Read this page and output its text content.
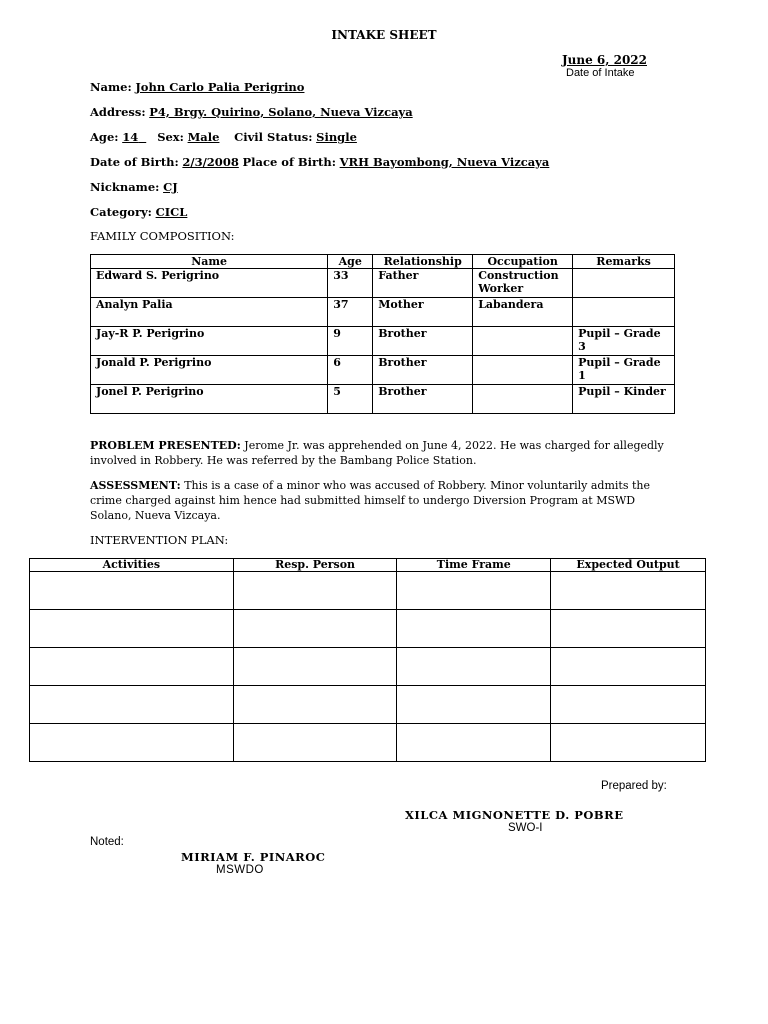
INTAKE SHEET
June 6, 2022
Date of Intake
Name: John Carlo Palia Perigrino
Address: P4, Brgy. Quirino, Solano, Nueva Vizcaya
Age: 14 Sex: Male Civil Status: Single
Date of Birth: 2/3/2008 Place of Birth: VRH Bayombong, Nueva Vizcaya
Nickname: CJ
Category: CICL
FAMILY COMPOSITION:
Name	Age	Relationship	Occupation	Remarks
Edward S. Perigrino	33	Father	Construction Worker	
Analyn Palia	37	Mother	Labandera	
Jay-R P. Perigrino	9	Brother		Pupil – Grade 3
Jonald P. Perigrino	6	Brother		Pupil – Grade 1
Jonel P. Perigrino	5	Brother		Pupil – Kinder
PROBLEM PRESENTED: Jerome Jr. was apprehended on June 4, 2022. He was charged for allegedly involved in Robbery. He was referred by the Bambang Police Station.
ASSESSMENT: This is a case of a minor who was accused of Robbery. Minor voluntarily admits the crime charged against him hence had submitted himself to undergo Diversion Program at MSWD Solano, Nueva Vizcaya.
INTERVENTION PLAN:
Activities	Resp. Person	Time Frame	Expected Output

Prepared by:
XILCA MIGNONETTE D. POBRE
SWO-I
Noted:
MIRIAM F. PINAROC
MSWDO
